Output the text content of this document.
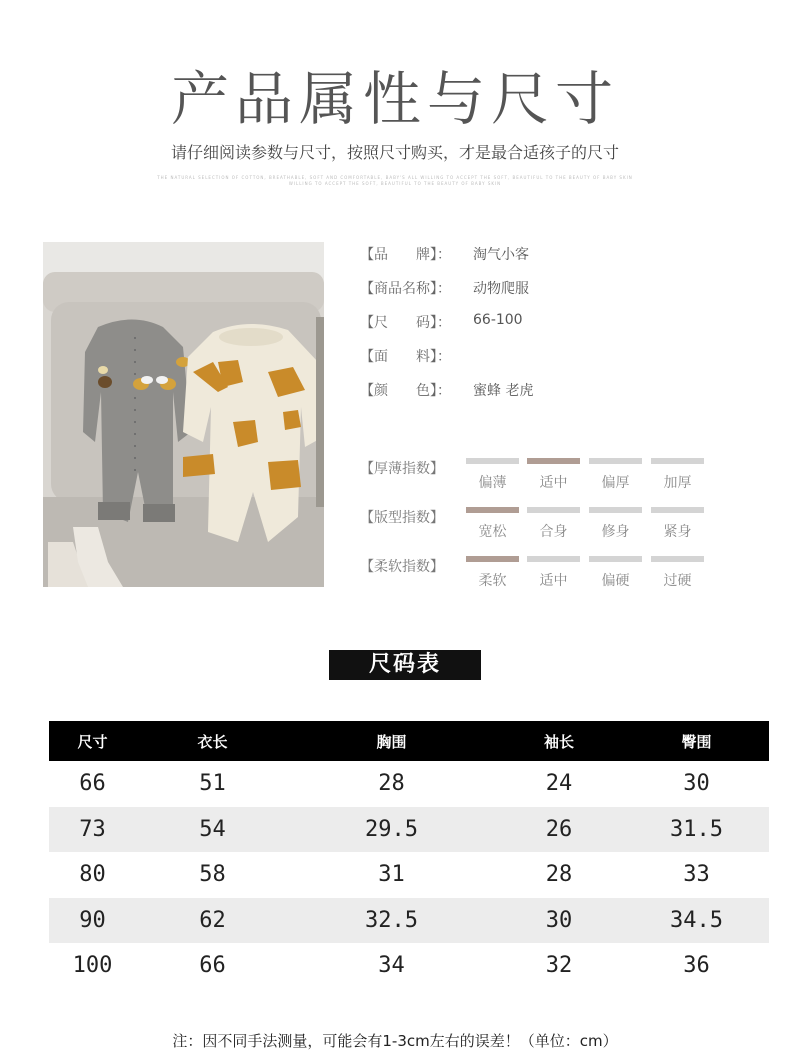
产品属性与尺寸
请仔细阅读参数与尺寸，按照尺寸购买，才是最合适孩子的尺寸
THE NATURAL SELECTION OF COTTON, BREATHABLE, SOFT AND COMFORTABLE, BABY'S ALL WILLING TO ACCEPT THE SOFT, BEAUTIFUL TO THE BEAUTY OF BABY SKIN
WILLING TO ACCEPT THE SOFT, BEAUTIFUL TO THE BEAUTY OF BABY SKIN
【品　　牌】：	淘气小客
【商品名称】：	动物爬服
【尺　　码】：	66-100
【面　　料】：
【颜　　色】：	蜜蜂 老虎
【厚薄指数】
偏薄	适中	偏厚	加厚
【版型指数】
宽松	合身	修身	紧身
【柔软指数】
柔软	适中	偏硬	过硬
尺码表
尺寸	衣长	胸围	袖长	臀围
66	51	28	24	30
73	54	29.5	26	31.5
80	58	31	28	33
90	62	32.5	30	34.5
100	66	34	32	36
注：因不同手法测量，可能会有1-3cm左右的误差！（单位：cm）
